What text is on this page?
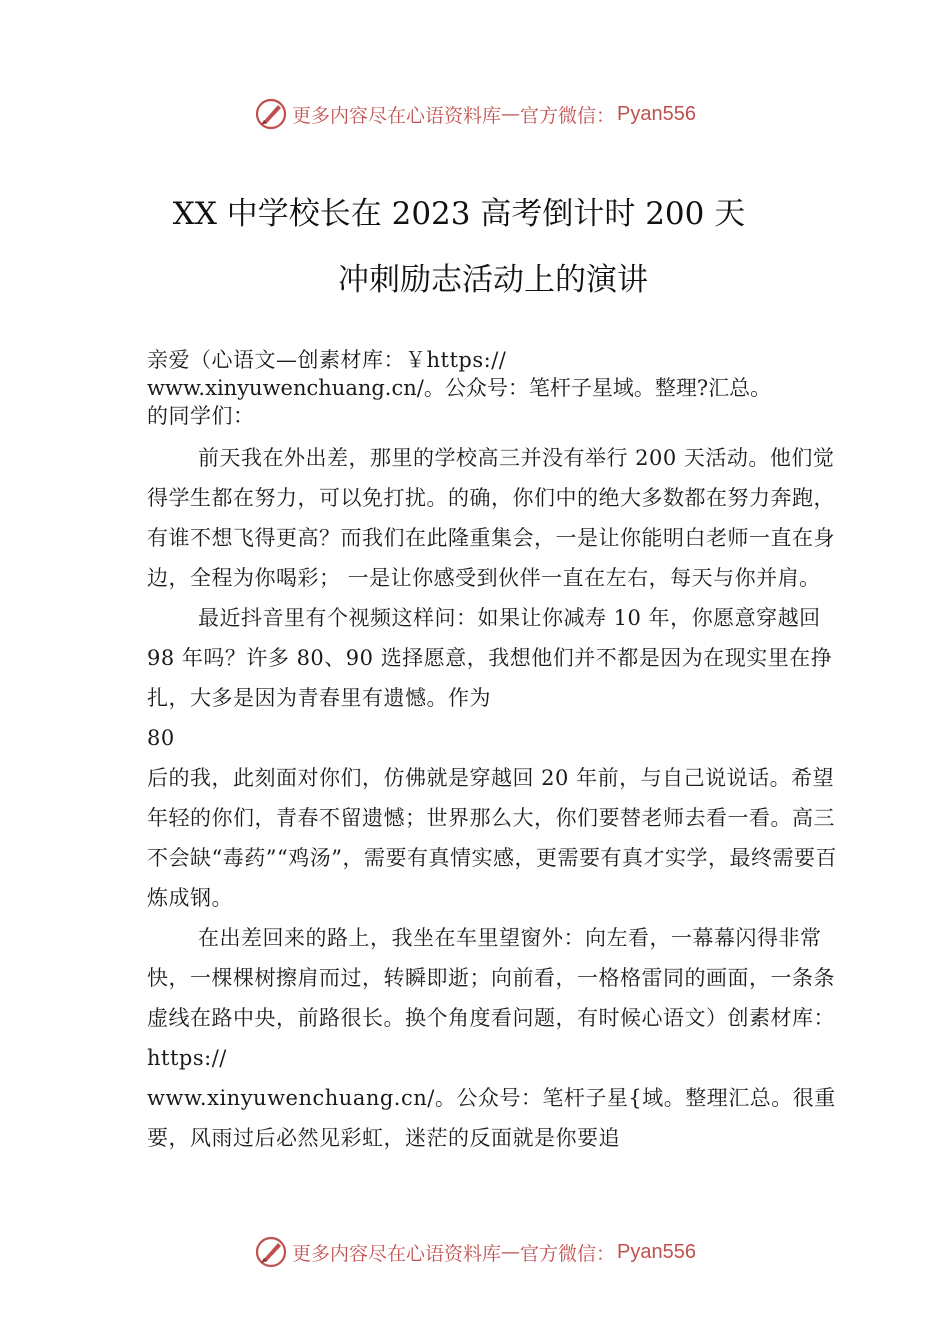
更多内容尽在心语资料库 — 官方微信： Pyan556
XX 中学校长在 2023 高考倒计时 200 天
冲刺励志活动上的演讲
亲爱（心语文—创素材库：￥https://
www.xinyuwenchuang.cn/。公众号：笔杆子星域。整理?汇总。
的同学们：

前天我在外出差，那里的学校高三并没有举行 200 天活动。他们觉得学生都在努力，可以免打扰。的确，你们中的绝大多数都在努力奔跑，有谁不想飞得更高？而我们在此隆重集会，一是让你能明白老师一直在身边，全程为你喝彩； 一是让你感受到伙伴一直在左右，每天与你并肩。

最近抖音里有个视频这样问：如果让你减寿 10 年，你愿意穿越回 98 年吗？许多 80、90 选择愿意，我想他们并不都是因为在现实里在挣扎，大多是因为青春里有遗憾。作为

80

后的我，此刻面对你们，仿佛就是穿越回 20 年前，与自己说说话。希望年轻的你们，青春不留遗憾；世界那么大，你们要替老师去看一看。高三不会缺“毒药”“鸡汤”，需要有真情实感，更需要有真才实学，最终需要百炼成钢。

在出差回来的路上，我坐在车里望窗外：向左看，一幕幕闪得非常快，一棵棵树擦肩而过，转瞬即逝；向前看，一格格雷同的画面，一条条虚线在路中央，前路很长。换个角度看问题，有时候心语文）创素材库：https://

www.xinyuwenchuang.cn/。公众号：笔杆子星{域。整理汇总。很重要，风雨过后必然见彩虹，迷茫的反面就是你要追

更多内容尽在心语资料库 — 官方微信： Pyan556
